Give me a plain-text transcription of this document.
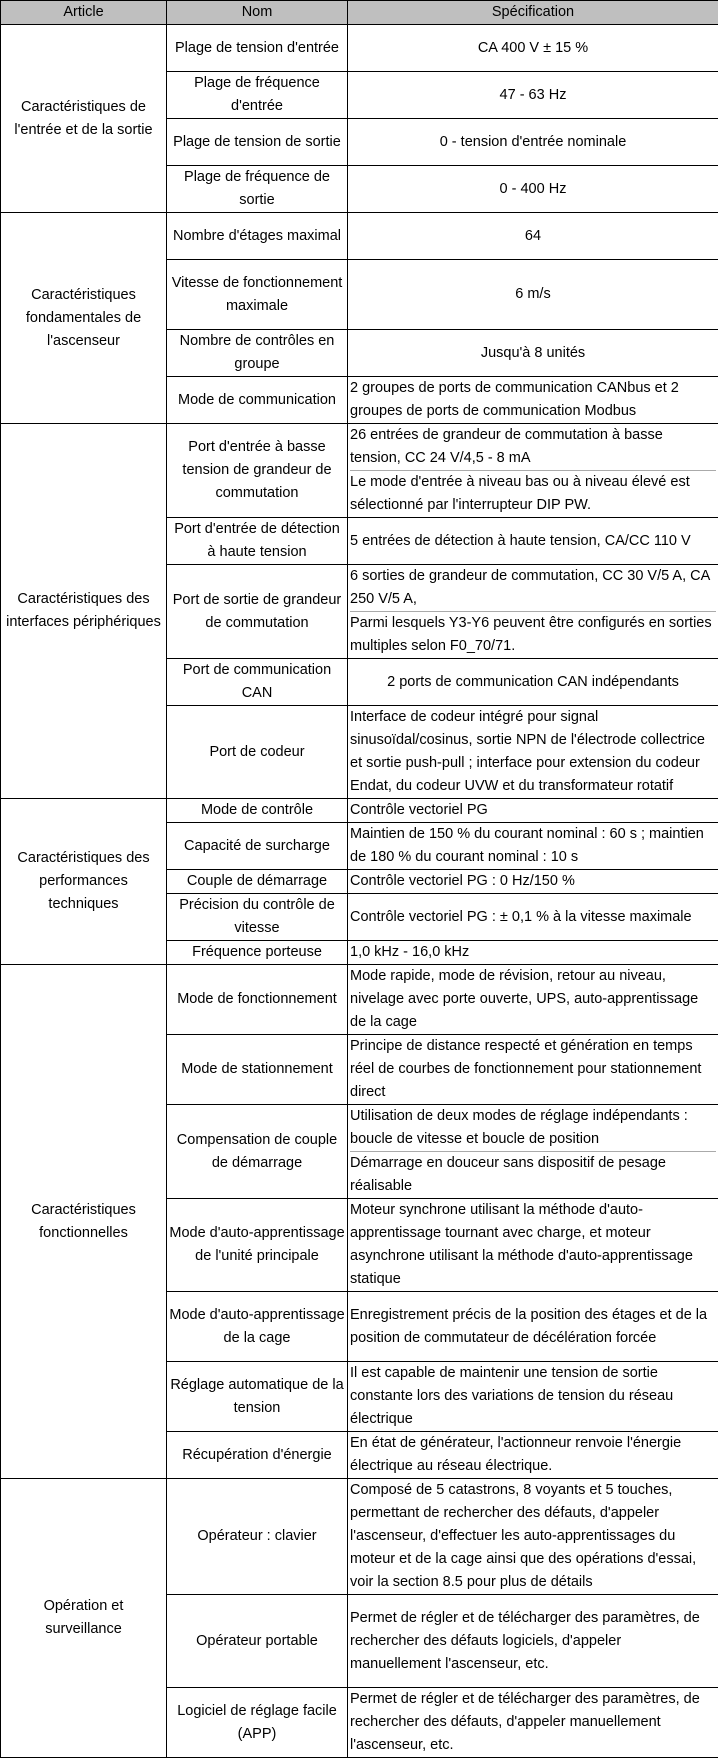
Article	Nom	Spécification
Caractéristiques de l'entrée et de la sortie	Plage de tension d'entrée	CA 400 V ± 15 %

	Plage de fréquence d'entrée	47 - 63 Hz

	Plage de tension de sortie	0 - tension d'entrée nominale

	Plage de fréquence de sortie	0 - 400 Hz

Caractéristiques fondamentales de l'ascenseur	Nombre d'étages maximal	64

	Vitesse de fonctionnement maximale	6 m/s

	Nombre de contrôles en groupe	Jusqu'à 8 unités

	Mode de communication	2 groupes de ports de communication CANbus et 2 groupes de ports de communication Modbus

Caractéristiques des interfaces périphériques	Port d'entrée à basse tension de grandeur de commutation	26 entrées de grandeur de commutation à basse tension, CC 24 V/4,5 - 8 mA
Le mode d'entrée à niveau bas ou à niveau élevé est sélectionné par l'interrupteur DIP PW.

	Port d'entrée de détection à haute tension	5 entrées de détection à haute tension, CA/CC 110 V

	Port de sortie de grandeur de commutation	6 sorties de grandeur de commutation, CC 30 V/5 A, CA 250 V/5 A,
Parmi lesquels Y3-Y6 peuvent être configurés en sorties multiples selon F0_70/71.

	Port de communication CAN	2 ports de communication CAN indépendants

	Port de codeur	Interface de codeur intégré pour signal sinusoïdal/cosinus, sortie NPN de l'électrode collectrice et sortie push-pull ; interface pour extension du codeur Endat, du codeur UVW et du transformateur rotatif

Caractéristiques des performances techniques	Mode de contrôle	Contrôle vectoriel PG

	Capacité de surcharge	Maintien de 150 % du courant nominal : 60 s ; maintien de 180 % du courant nominal : 10 s

	Couple de démarrage	Contrôle vectoriel PG : 0 Hz/150 %

	Précision du contrôle de vitesse	Contrôle vectoriel PG : ± 0,1 % à la vitesse maximale

	Fréquence porteuse	1,0 kHz - 16,0 kHz

Caractéristiques fonctionnelles	Mode de fonctionnement	Mode rapide, mode de révision, retour au niveau, nivelage avec porte ouverte, UPS, auto-apprentissage de la cage

	Mode de stationnement	Principe de distance respecté et génération en temps réel de courbes de fonctionnement pour stationnement direct

	Compensation de couple de démarrage	Utilisation de deux modes de réglage indépendants : boucle de vitesse et boucle de position
Démarrage en douceur sans dispositif de pesage réalisable

	Mode d'auto-apprentissage de l'unité principale	Moteur synchrone utilisant la méthode d'auto-apprentissage tournant avec charge, et moteur asynchrone utilisant la méthode d'auto-apprentissage statique

	Mode d'auto-apprentissage de la cage	Enregistrement précis de la position des étages et de la position de commutateur de décélération forcée

	Réglage automatique de la tension	Il est capable de maintenir une tension de sortie constante lors des variations de tension du réseau électrique

	Récupération d'énergie	En état de générateur, l'actionneur renvoie l'énergie électrique au réseau électrique.

Opération et surveillance	Opérateur : clavier	Composé de 5 catastrons, 8 voyants et 5 touches, permettant de rechercher des défauts, d'appeler l'ascenseur, d'effectuer les auto-apprentissages du moteur et de la cage ainsi que des opérations d'essai, voir la section 8.5 pour plus de détails

	Opérateur portable	Permet de régler et de télécharger des paramètres, de rechercher des défauts logiciels, d'appeler manuellement l'ascenseur, etc.

	Logiciel de réglage facile (APP)	Permet de régler et de télécharger des paramètres, de rechercher des défauts, d'appeler manuellement l'ascenseur, etc.
